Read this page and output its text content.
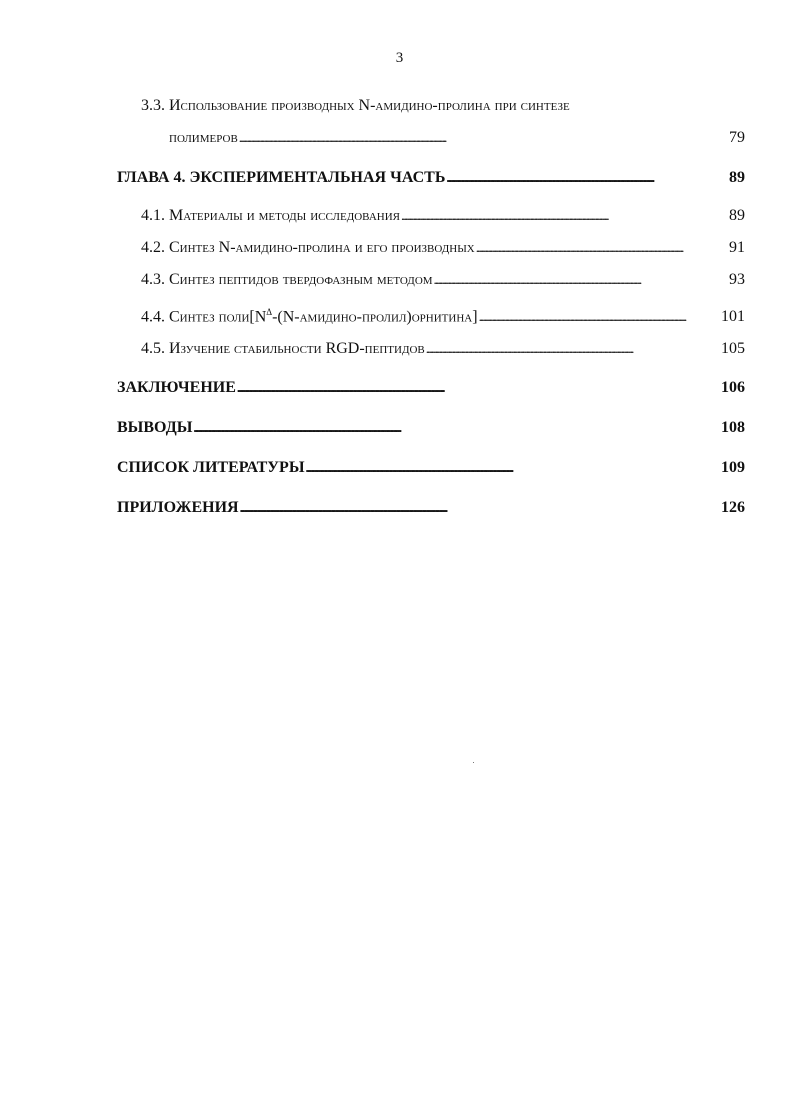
3
3.3. Использование производных N-амидино-пролина при синтезе
полимеров . . .	79
ГЛАВА 4. ЭКСПЕРИМЕНТАЛЬНАЯ ЧАСТЬ . . .	89
4.1. Материалы и методы исследования . . .	89
4.2. Синтез N-амидино-пролина и его производных . . .	91
4.3. Синтез пептидов твердофазным методом . . .	93
4.4. Синтез $поли[N^\Delta-(N-амидино-пролил)орнитина]$ . . .	101
4.5. Изучение стабильности RGD-пептидов . . .	105
ЗАКЛЮЧЕНИЕ . . .	106
ВЫВОДЫ . . .	108
СПИСОК ЛИТЕРАТУРЫ . . .	109
ПРИЛОЖЕНИЯ . . .	126
